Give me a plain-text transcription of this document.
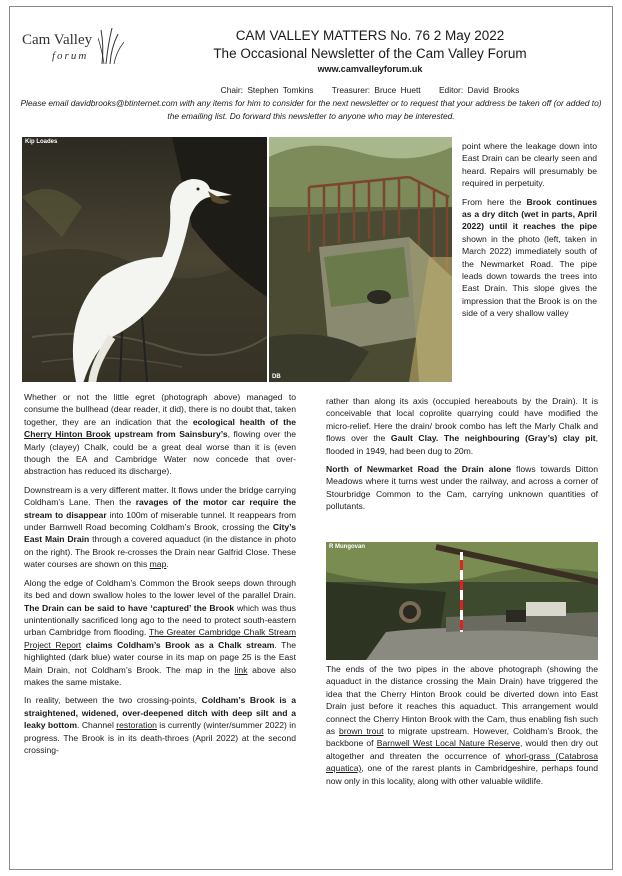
Cam Valley
forum
CAM VALLEY MATTERS No. 76 2 May 2022
The Occasional Newsletter of the Cam Valley Forum
www.camvalleyforum.uk
Chair: Stephen Tomkins Treasurer: Bruce Huett Editor: David Brooks
Please email davidbrooks@btinternet.com with any items for him to consider for the next newsletter or to request that your address be taken off (or added to) the emailing list. Do forward this newsletter to anyone who may be interested.
Kip Loades
DB
R Mungovan

Whether or not the little egret (photograph above) managed to consume the bullhead (dear reader, it did), there is no doubt that, taken together, they are an indication that the ecological health of the Cherry Hinton Brook upstream from Sainsbury’s, flowing over the Marly (clayey) Chalk, could be a great deal worse than it is (even though the EA and Cambridge Water now concede that over-abstraction has reduced its discharge).

Downstream is a very different matter. It flows under the bridge carrying Coldham’s Lane. Then the ravages of the motor car require the stream to disappear into 100m of miserable tunnel. It reappears from under Barnwell Road becoming Coldham’s Brook, crossing the City’s East Main Drain through a covered aquaduct (in the distance in photo on the right). The Brook re-crosses the Drain near Galfrid Close. These water courses are shown on this map.

Along the edge of Coldham’s Common the Brook seeps down through its bed and down swallow holes to the lower level of the parallel Drain. The Drain can be said to have ‘captured’ the Brook which was thus unintentionally sacrificed long ago to the need to protect south-eastern urban Cambridge from flooding. The Greater Cambridge Chalk Stream Project Report claims Coldham’s Brook as a Chalk stream. The highlighted (dark blue) water course in its map on page 25 is the East Main Drain, not Coldham’s Brook. The map in the link above also makes the same mistake.

In reality, between the two crossing-points, Coldham’s Brook is a straightened, widened, over-deepened ditch with deep silt and a leaky bottom. Channel restoration is currently (winter/summer 2022) in progress. The Brook is in its death-throes (April 2022) at the second crossing-

point where the leakage down into East Drain can be clearly seen and heard. Repairs will presumably be required in perpetuity.

From here the Brook continues as a dry ditch (wet in parts, April 2022) until it reaches the pipe shown in the photo (left, taken in March 2022) immediately south of the Newmarket Road. The pipe leads down towards the trees into East Drain. This slope gives the impression that the Brook is on the side of a very shallow valley

rather than along its axis (occupied hereabouts by the Drain). It is conceivable that local coprolite quarrying could have modified the micro-relief. Here the drain/ brook combo has left the Marly Chalk and flows over the Gault Clay. The neighbouring (Gray’s) clay pit, flooded in 1949, had been dug to 20m.

North of Newmarket Road the Drain alone flows towards Ditton Meadows where it turns west under the railway, and across a corner of Stourbridge Common to the Cam, carrying unknown quantities of pollutants.

The ends of the two pipes in the above photograph (showing the aquaduct in the distance crossing the Main Drain) have triggered the idea that the Cherry Hinton Brook could be diverted down into East Drain just before it reaches this aquaduct. This arrangement would connect the Cherry Hinton Brook with the Cam, thus enabling fish such as brown trout to migrate upstream. However, Coldham’s Brook, the backbone of Barnwell West Local Nature Reserve, would then dry out altogether and threaten the occurrence of whorl-grass (Catabrosa aquatica), one of the rarest plants in Cambridgeshire, perhaps found now only in this locality, along with other valuable wildlife.
